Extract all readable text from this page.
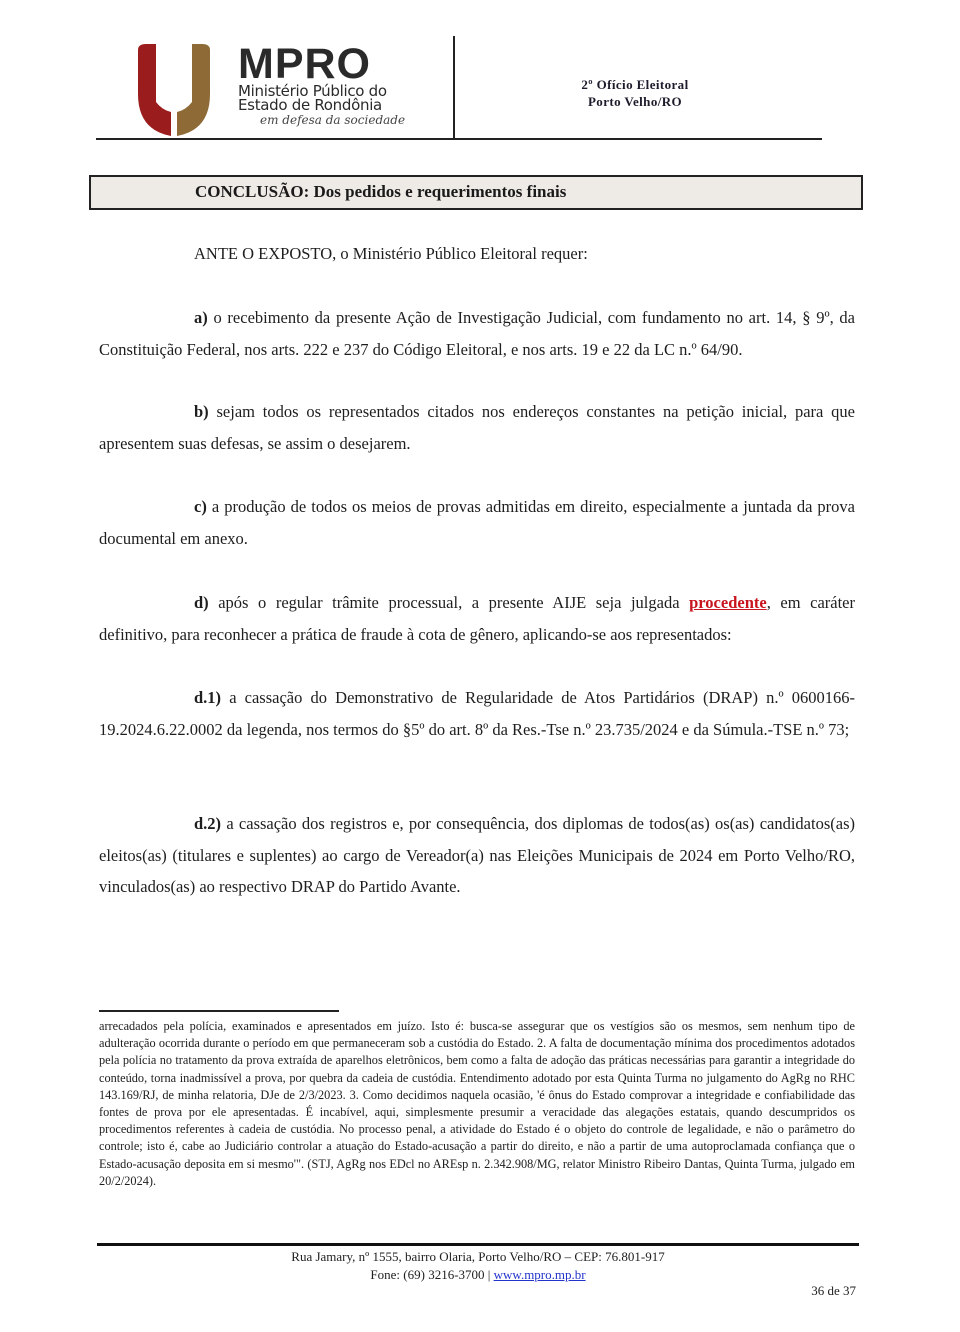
MPRO
Ministério Público do
Estado de Rondônia
em defesa da sociedade
2º Ofício Eleitoral
Porto Velho/RO
CONCLUSÃO: Dos pedidos e requerimentos finais
ANTE O EXPOSTO, o Ministério Público Eleitoral requer:
a) o recebimento da presente Ação de Investigação Judicial, com fundamento no art. 14, § 9º, da Constituição Federal, nos arts. 222 e 237 do Código Eleitoral, e nos arts. 19 e 22 da LC n.º 64/90.
b) sejam todos os representados citados nos endereços constantes na petição inicial, para que apresentem suas defesas, se assim o desejarem.
c) a produção de todos os meios de provas admitidas em direito, especialmente a juntada da prova documental em anexo.
d) após o regular trâmite processual, a presente AIJE seja julgada procedente, em caráter definitivo, para reconhecer a prática de fraude à cota de gênero, aplicando-se aos representados:
d.1) a cassação do Demonstrativo de Regularidade de Atos Partidários (DRAP) n.º 0600166-19.2024.6.22.0002 da legenda, nos termos do §5º do art. 8º da Res.-Tse n.º 23.735/2024 e da Súmula.-TSE n.º 73;
d.2) a cassação dos registros e, por consequência, dos diplomas de todos(as) os(as) candidatos(as) eleitos(as) (titulares e suplentes) ao cargo de Vereador(a) nas Eleições Municipais de 2024 em Porto Velho/RO, vinculados(as) ao respectivo DRAP do Partido Avante.
arrecadados pela polícia, examinados e apresentados em juízo. Isto é: busca-se assegurar que os vestígios são os mesmos, sem nenhum tipo de adulteração ocorrida durante o período em que permaneceram sob a custódia do Estado. 2. A falta de documentação mínima dos procedimentos adotados pela polícia no tratamento da prova extraída de aparelhos eletrônicos, bem como a falta de adoção das práticas necessárias para garantir a integridade do conteúdo, torna inadmissível a prova, por quebra da cadeia de custódia. Entendimento adotado por esta Quinta Turma no julgamento do AgRg no RHC 143.169/RJ, de minha relatoria, DJe de 2/3/2023. 3. Como decidimos naquela ocasião, 'é ônus do Estado comprovar a integridade e confiabilidade das fontes de prova por ele apresentadas. É incabível, aqui, simplesmente presumir a veracidade das alegações estatais, quando descumpridos os procedimentos referentes à cadeia de custódia. No processo penal, a atividade do Estado é o objeto do controle de legalidade, e não o parâmetro do controle; isto é, cabe ao Judiciário controlar a atuação do Estado-acusação a partir do direito, e não a partir de uma autoproclamada confiança que o Estado-acusação deposita em si mesmo'". (STJ, AgRg nos EDcl no AREsp n. 2.342.908/MG, relator Ministro Ribeiro Dantas, Quinta Turma, julgado em 20/2/2024).
Rua Jamary, nº 1555, bairro Olaria, Porto Velho/RO – CEP: 76.801-917
Fone: (69) 3216-3700 | www.mpro.mp.br
36 de 37
